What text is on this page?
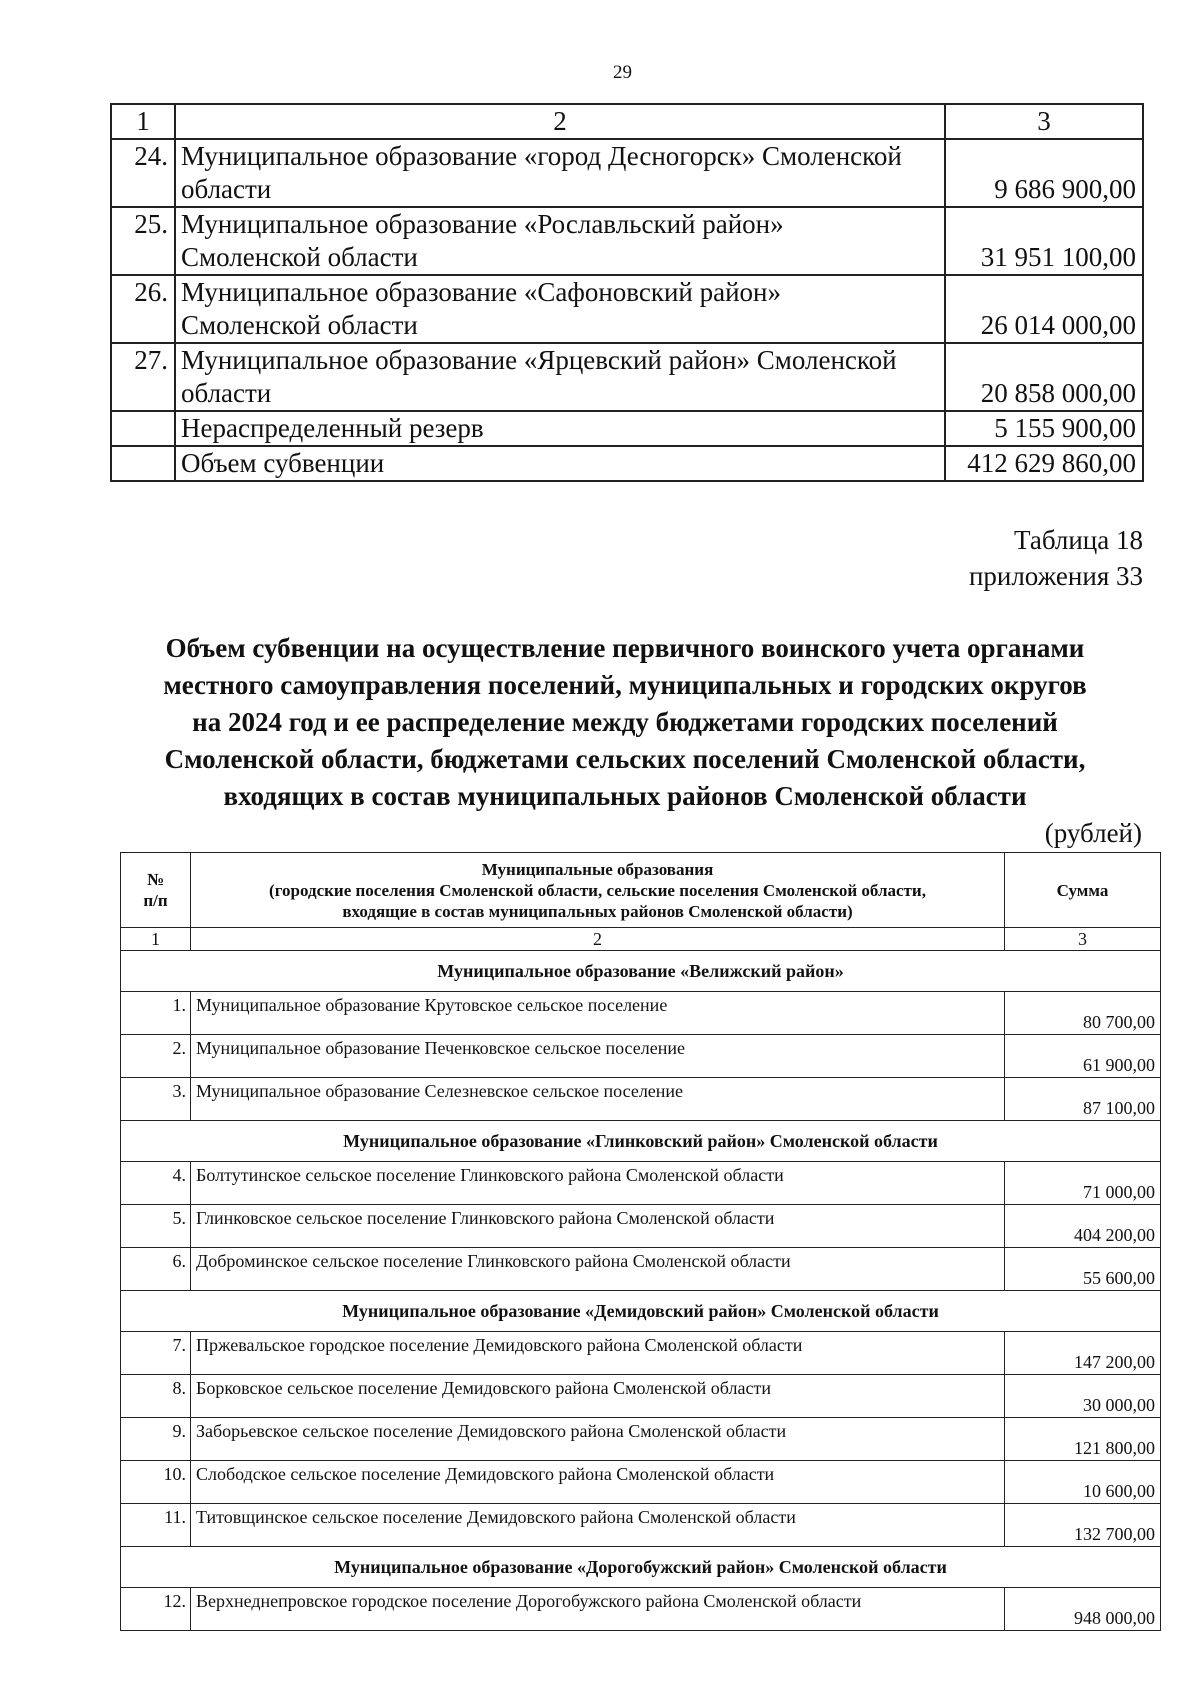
29
1	2	3
24.	Муниципальное образование «город Десногорск» Смоленской
области	9 686 900,00
25.	Муниципальное образование «Рославльский район»
Смоленской области	31 951 100,00
26.	Муниципальное образование «Сафоновский район»
Смоленской области	26 014 000,00
27.	Муниципальное образование «Ярцевский район» Смоленской
области	20 858 000,00
	Нераспределенный резерв	5 155 900,00
	Объем субвенции	412 629 860,00
Таблица 18
приложения 33
Объем субвенции на осуществление первичного воинского учета органами
местного самоуправления поселений, муниципальных и городских округов
на 2024 год и ее распределение между бюджетами городских поселений
Смоленской области, бюджетами сельских поселений Смоленской области,
входящих в состав муниципальных районов Смоленской области
(рублей)
№
п/п	Муниципальные образования
(городские поселения Смоленской области, сельские поселения Смоленской области,
входящие в состав муниципальных районов Смоленской области)	Сумма
1	2	3
Муниципальное образование «Велижский район»		
1.	Муниципальное образование Крутовское сельское поселение	80 700,00
2.	Муниципальное образование Печенковское сельское поселение	61 900,00
3.	Муниципальное образование Селезневское сельское поселение	87 100,00
Муниципальное образование «Глинковский район» Смоленской области		
4.	Болтутинское сельское поселение Глинковского района Смоленской области	71 000,00
5.	Глинковское сельское поселение Глинковского района Смоленской области	404 200,00
6.	Доброминское сельское поселение Глинковского района Смоленской области	55 600,00
Муниципальное образование «Демидовский район» Смоленской области		
7.	Пржевальское городское поселение Демидовского района Смоленской области	147 200,00
8.	Борковское сельское поселение Демидовского района Смоленской области	30 000,00
9.	Заборьевское сельское поселение Демидовского района Смоленской области	121 800,00
10.	Слободское сельское поселение Демидовского района Смоленской области	10 600,00
11.	Титовщинское сельское поселение Демидовского района Смоленской области	132 700,00
Муниципальное образование «Дорогобужский район» Смоленской области		
12.	Верхнеднепровское городское поселение Дорогобужского района Смоленской области	948 000,00
